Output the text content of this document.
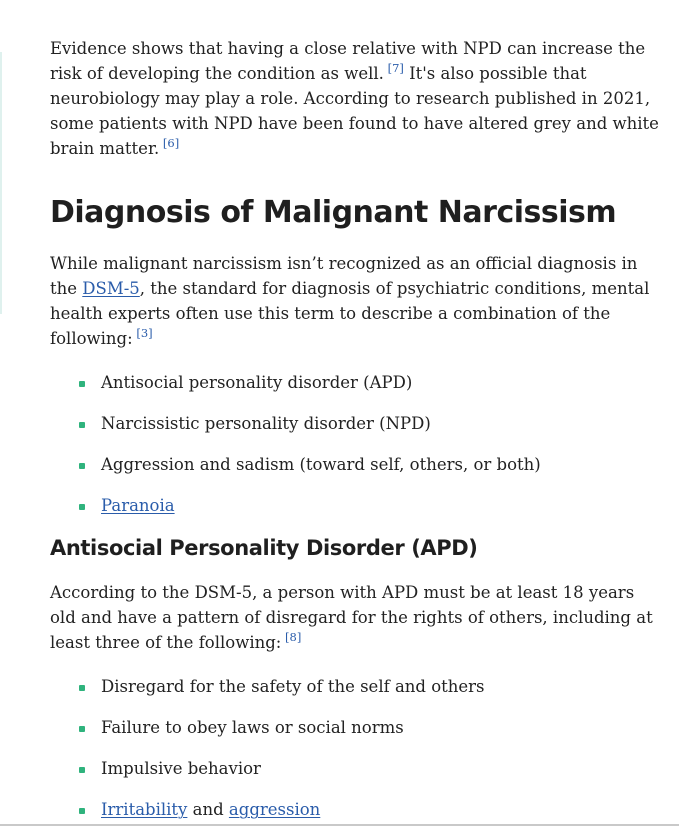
Evidence shows that having a close relative with NPD can increase the risk of developing the condition as well. [7] It's also possible that neurobiology may play a role. According to research published in 2021, some patients with NPD have been found to have altered grey and white brain matter. [6]

Diagnosis of Malignant Narcissism

While malignant narcissism isn’t recognized as an official diagnosis in the DSM-5, the standard for diagnosis of psychiatric conditions, mental health experts often use this term to describe a combination of the following: [3]

Antisocial personality disorder (APD)
Narcissistic personality disorder (NPD)
Aggression and sadism (toward self, others, or both)
Paranoia
Antisocial Personality Disorder (APD)

According to the DSM-5, a person with APD must be at least 18 years old and have a pattern of disregard for the rights of others, including at least three of the following: [8]

Disregard for the safety of the self and others
Failure to obey laws or social norms
Impulsive behavior
Irritability and aggression
